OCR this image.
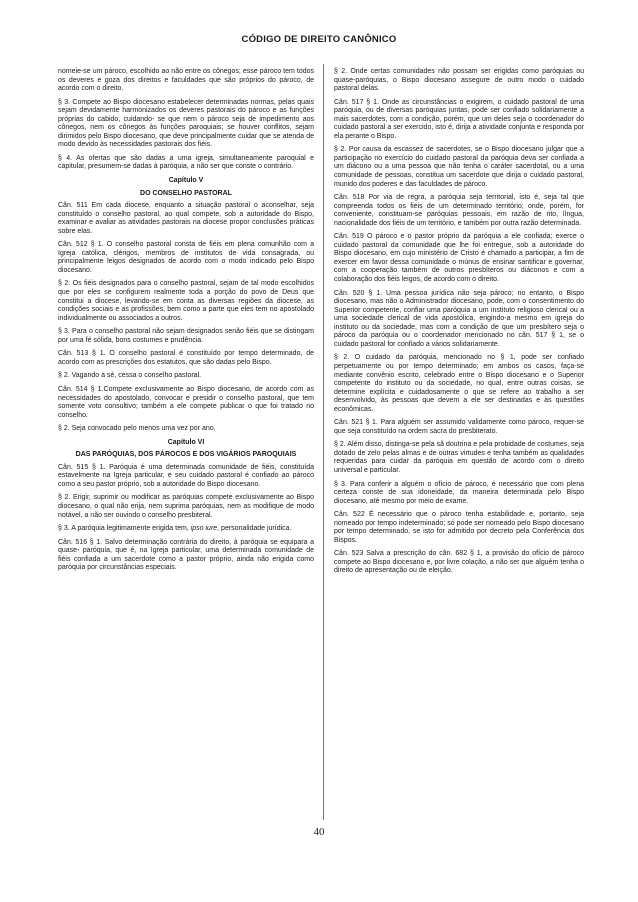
CÓDIGO DE DIREITO CANÔNICO

nomeie-se um pároco, escolhido ao não entre os cônegos; esse pároco tem todos os deveres e goza dos direitos e faculdades que são próprios do pároco, de acordo com o direito.

§ 3. Compete ao Bispo diocesano estabelecer determinadas normas, pelas quais sejam devidamente harmonizados os deveres pastorais do pároco e as funções próprias do cabido, cuidando- se que nem o pároco seja de impedimento aos cônegos, nem os cônegos às funções paroquiais; se houver conflitos, sejam dirimidos pelo Bispo diocesano, que deve principalmente cuidar que se atenda de modo devido às necessidades pastorais dos fiéis.

§ 4. As ofertas que são dadas a uma igreja, simultaneamente paroquial e capitular, presumem-se dadas à paróquia, a não ser que conste o contrário.

Capítulo V

DO CONSELHO PASTORAL

Cân. 511 Em cada diocese, enquanto a situação pastoral o aconselhar, seja constituído o conselho pastoral, ao qual compete, sob a autoridade do Bispo, examinar e avaliar as atividades pastorais na diocese propor conclusões práticas sobre elas.

Cân. 512 § 1. O conselho pastoral consta de fiéis em plena comunhão com a Igreja católica, clérigos, membros de institutos de vida consagrada, ou principalmente leigos designados de acordo com o modo indicado pelo Bispo diocesano.

§ 2. Os fiéis designados para o conselho pastoral, sejam de tal modo escolhidos que por eles se configurem realmente toda a porção do povo de Deus que constitui a diocese, levando-se em conta as diversas regiões da diocese, as condições sociais e as profissões, bem como a parte que eles tem no apostolado individualmente ou associados a outros.

§ 3. Para o conselho pastoral não sejam designados senão fiéis que se distingam por uma fé sólida, bons costumes e prudência.

Cân. 513 § 1. O conselho pastoral é constituído por tempo determinado, de acordo com as prescrições dos estatutos, que são dadas pelo Bispo.

§ 2. Vagando a sé, cessa o conselho pastoral.

Cân. 514 § 1.Compete exclusivamente ao Bispo diocesano, de acordo com as necessidades do apostolado, convocar e presidir o conselho pastoral, que tem somente voto consultivo; também a ele compete publicar o que foi tratado no conselho.

§ 2. Seja convocado pelo menos uma vez por ano.

Capítulo VI

DAS PARÓQUIAS, DOS PÁROCOS E DOS VIGÁRIOS PAROQUIAIS

Cân. 515 § 1. Paróquia é uma determinada comunidade de fiéis, constituída estavelmente na Igreja particular, e seu cuidado pastoral é confiado ao pároco como a seu pastor próprio, sob a autoridade do Bispo diocesano.

§ 2. Erigir, suprimir ou modificar as paróquias compete exclusivamente ao Bispo diocesano, o qual não erija, nem suprima paróquias, nem as modifique de modo notável, a não ser ouvindo o conselho presbiteral.

§ 3. A paróquia legitimamente erigida tem, ipso iure, personalidade jurídica.

Cân. 516 § 1. Salvo determinação contrária do direito, à paróquia se equipara a quase- paróquia, que é, na Igreja particular, uma determinada comunidade de fiéis confiada a um sacerdote como a pastor próprio, ainda não erigida como paróquia por circunstâncias especiais.

§ 2. Onde certas comunidades não possam ser erigidas como paróquias ou quase-paróquias, o Bispo diocesano assegure de outro modo o cuidado pastoral delas.

Cân. 517 § 1. Onde as circunstâncias o exigirem, o cuidado pastoral de uma paróquia, ou de diversas paróquias juntas, pode ser confiado solidariamente a mais sacerdotes, com a condição, porém, que um deles seja o coordenador do cuidado pastoral a ser exercido, isto é, dirija a atividade conjunta e responda por ela perante o Bispo.

§ 2. Por causa da escassez de sacerdotes, se o Bispo diocesano julgar que a participação no exercício do cuidado pastoral da paróquia deva ser confiada a um diácono ou a uma pessoa que não tenha o caráter sacerdotal, ou a uma comunidade de pessoas, constitua um sacerdote que dirija o cuidado pastoral, munido dos poderes e das faculdades de pároco.

Cân. 518 Por via de regra, a paróquia seja territorial, isto é, seja tal que compreenda todos os fiéis de um determinado território; onde, porém, for conveniente, constituam-se paróquias pessoais, em razão de rito, língua, nacionalidade dos fiéis de um território, e também por outra razão determinada.

Cân. 519 O pároco e o pastor próprio da paróquia a ele confiada; exerce o cuidado pastoral da comunidade que lhe foi entregue, sob a autoridade do Bispo diocesano, em cujo ministério de Cristo é chamado a participar, a fim de exercer em favor dessa comunidade o múnus de ensinar santificar e governar, com a cooperação também de outros presbíteros ou diáconos e com a colaboração dos fiéis leigos, de acordo com o direito.

Cân. 520 § 1. Uma pessoa jurídica não seja pároco; no entanto, o Bispo diocesano, mas não o Administrador diocesano, pode, com o consentimento do Superior competente, confiar uma paróquia a um instituto religioso clerical ou a uma sociedade clerical de vida apostólica, erigindo-a mesmo em igreja do instituto ou da sociedade, mas com a condição de que um presbítero seja o pároco da paróquia ou o coordenador mencionado no cân. 517 § 1, se o cuidado pastoral for confiado a vários solidariamente.

§ 2. O cuidado da paróquia, mencionado no § 1, pode ser confiado perpetuamente ou por tempo determinado; em ambos os casos, faça-se mediante convênio escrito, celebrado entre o Bispo diocesano e o Superior competente do instituto ou da sociedade, no qual, entre outras coisas, se determine explícita e cuidadosamente o que se refere ao trabalho a ser desenvolvido, às pessoas que devem a ele ser destinadas e às questões econômicas.

Cân. 521 § 1. Para alguém ser assumido validamente como pároco, requer-se que seja constituído na ordem sacra do presbiterato.

§ 2. Além disso, distinga-se pela sã doutrina e pela probidade de costumes, seja dotado de zelo pelas almas e de outras virtudes e tenha também as qualidades requeridas para cuidar da paróquia em questão de acordo com o direito universal e particular.

§ 3. Para conferir a alguém o ofício de pároco, é necessário que com plena certeza conste de sua idoneidade, da maneira determinada pelo Bispo diocesano, até mesmo por meio de exame.

Cân. 522 É necessário que o pároco tenha estabilidade e, portanto, seja nomeado por tempo indeterminado; só pode ser nomeado pelo Bispo diocesano por tempo determinado, se isto for admitido por decreto pela Conferência dos Bispos.

Cân. 523 Salva a prescrição do cân. 682 § 1, a provisão do ofício de pároco compete ao Bispo diocesano e, por livre colação, a não ser que alguém tenha o direito de apresentação ou de eleição.

40
